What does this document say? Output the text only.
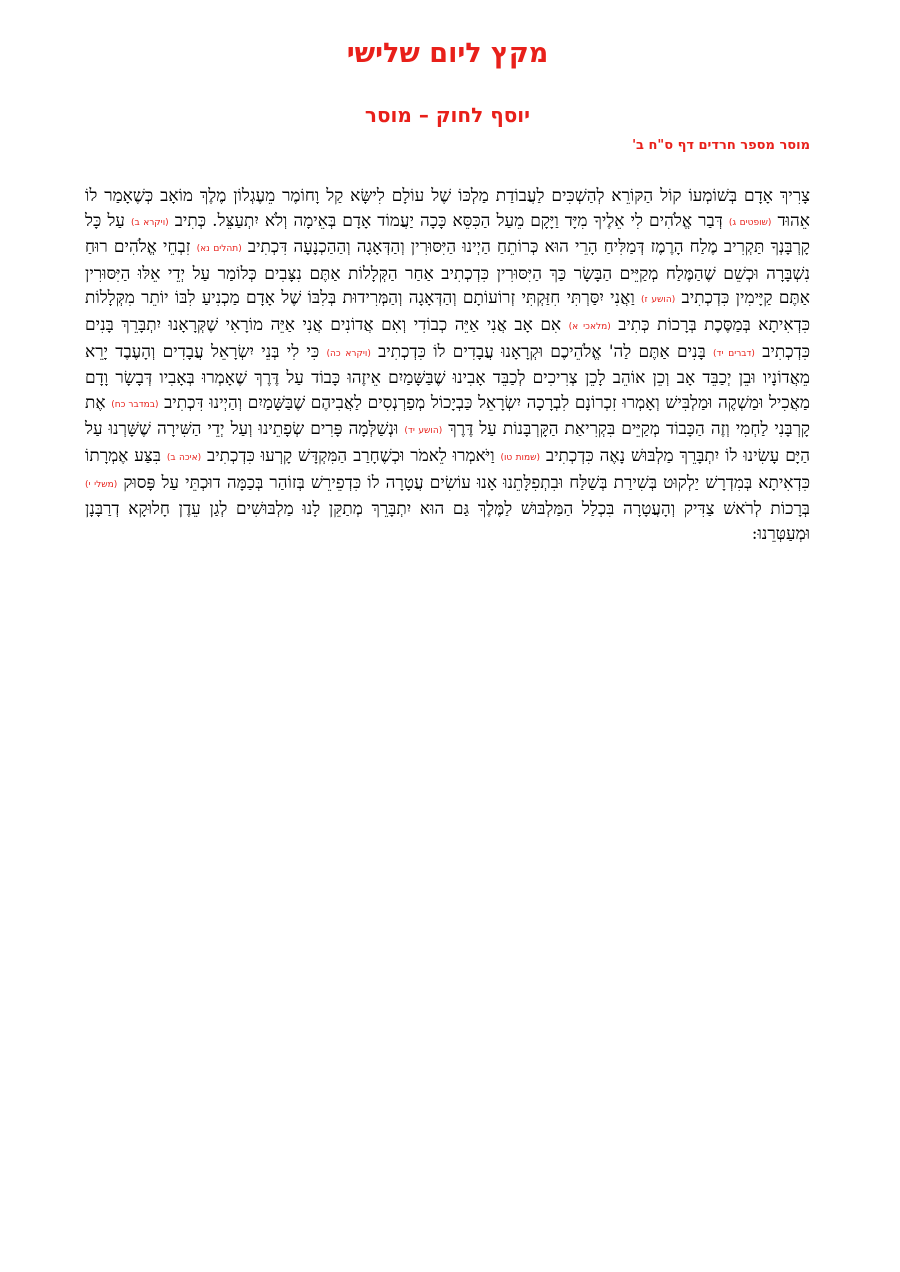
מקץ ליום שלישי
יוסף לחוק – מוסר
מוסר מספר חרדים דף ס"ח ב'

צָרִיךְ אָדָם בְּשׁוֹמְעוֹ קוֹל הַקּוֹרֵא לְהַשְׁכִּים לַעֲבוֹדַת מַלְכּוֹ שֶׁל עוֹלָם לִישָּׂא קַל וָחוֹמֶר מֵעֶגְלוֹן מֶלֶךְ מוֹאָב כְּשֶׁאָמַר לוֹ אֵהוּד (שופטים ג) דְּבַר אֱלֹהִים לִי אֵלֶיךָ מִיָּד וַיָּקָם מֵעַל הַכִּסֵּא כָּכָה יַעֲמוֹד אָדָם בְּאֵימָה וְלֹא יִתְעַצֵּל. כְּתִיב (ויקרא ב) עַל כָּל קָרְבָּנְךָ תַּקְרִיב מֶלַח הָרֶמֶז דְּמַלִּיחַ הָרֵי הוּא כְּרוֹתֵחַ הַיְינוּ הַיִּסּוּרִין וְהַדְּאָגָה וְהַהַכְנָעָה דִּכְתִיב (תהלים נא) זִבְחֵי אֱלֹהִים רוּחַ נִשְׁבָּרָה וּכְשֵׁם שֶׁהַמֶּלַח מְקַיֵּים הַבָּשָׂר כַּךְ הַיִּסּוּרִין כִּדְכְתִיב אַחַר הַקְּלָלוֹת אַתֶּם נִצָּבִים כְּלוֹמַר עַל יְדֵי אֵלּוּ הַיִּסּוּרִין אַתֶּם קַיָּימִין כִּדְכְתִיב (הושע ז) וַאֲנִי יִסַּרְתִּי חִזַּקְתִּי זְרוֹעוֹתָם וְהַדְּאָגָה וְהַמְּרִידוּת בְּלִבּוֹ שֶׁל אָדָם מַכְנִיעַ לִבּוֹ יוֹתֵר מִקְּלָלוֹת כִּדְאִיתָא בְּמַסֶּכֶת בְּרָכוֹת כְּתִיב (מלאכי א) אִם אָב אֲנִי אַיֵּה כְבוֹדִי וְאִם אֲדוֹנִים אֲנִי אַיֵּה מוֹרָאִי שֶׁקְּרָאָנוּ יִתְבָּרֵךְ בָּנִים כִּדְכְתִיב (דברים יד) בָּנִים אַתֶּם לַה' אֱלֹהֵיכֶם וּקְרָאָנוּ עֲבָדִים לוֹ כִּדְכְתִיב (ויקרא כה) כִּי לִי בְּנֵי יִשְׂרָאֵל עֲבָדִים וְהָעֶבֶד יָרֵא מֵאֲדוֹנָיו וּבֵן יְכַבֵּד אָב וְכֵן אוֹהֵב לָכֵן צְרִיכִים לְכַבֵּד אָבִינוּ שֶׁבַּשָּׁמַיִם אֵיזֶהוּ כָּבוֹד עַל דֶּרֶךְ שֶׁאָמְרוּ בְּאָבִיו דְּבָשָׂר וָדָם מַאֲכִיל וּמַשְׁקֶה וּמַלְבִּישׁ וְאָמְרוּ זִכְרוֹנָם לִבְרָכָה יִשְׂרָאֵל כַּבְיָכוֹל מְפַרְנְסִים לַאֲבִיהֶם שֶׁבַּשָּׁמַיִם וְהַיְינוּ דִּכְתִיב (במדבר כח) אֶת קָרְבָּנִי לַחְמִי וְזֶה הַכָּבוֹד מְקַיֵּים בִּקְרִיאַת הַקָּרְבָּנוֹת עַל דֶּרֶךְ (הושע יד) וּנְשַׁלְּמָה פָּרִים שְׂפָתֵינוּ וְעַל יְדֵי הַשִּׁירָה שֶׁשָּׁרְנוּ עַל הַיָּם עָשִׂינוּ לוֹ יִתְבָּרֵךְ מַלְבּוּשׁ נָאֶה כִּדְכְתִיב (שמות טו) וַיֹּאמְרוּ לֵאמֹר וּכְשֶׁחָרַב הַמִּקְדָּשׁ קָרְעוּ כִּדְכְתִיב (איכה ב) בִּצַּע אֶמְרָתוֹ כִּדְאִיתָא בְּמִדְרָשׁ יַלְקוּט בְּשִׁירַת בְּשַׁלַּח וּבִתְפִלָּתֵנוּ אָנוּ עוֹשִׂים עֲטָרָה לוֹ כִּדְפֵירֵשׁ בְּזוֹהַר בְּכַמָּה דוּכְתֵּי עַל פָּסוּק (משלי י) בְּרָכוֹת לְרֹאשׁ צַדִּיק וְהָעֲטָרָה בִּכְלַל הַמַּלְבּוּשׁ לַמֶּלֶךְ גַּם הוּא יִתְבָּרֵךְ מְתַקֵּן לָנוּ מַלְבּוּשִׁים לְגַן עֵדֶן חָלוּקָא דְרַבָּנָן וּמְעַטְּרֵנוּ:
